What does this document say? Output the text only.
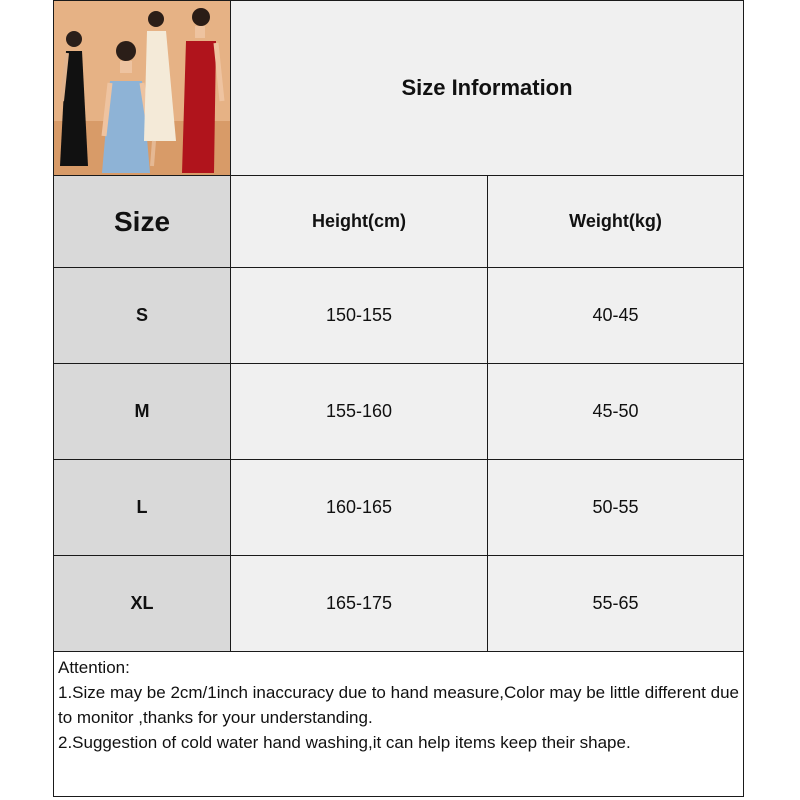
Size Information
Size	Height(cm)	Weight(kg)
S	150-155	40-45
M	155-160	45-50
L	160-165	50-55
XL	165-175	55-65
Attention:
1.Size may be 2cm/1inch inaccuracy due to hand measure,Color may be little different due to monitor ,thanks for your understanding.
2.Suggestion of cold water hand washing,it can help items keep their shape.
